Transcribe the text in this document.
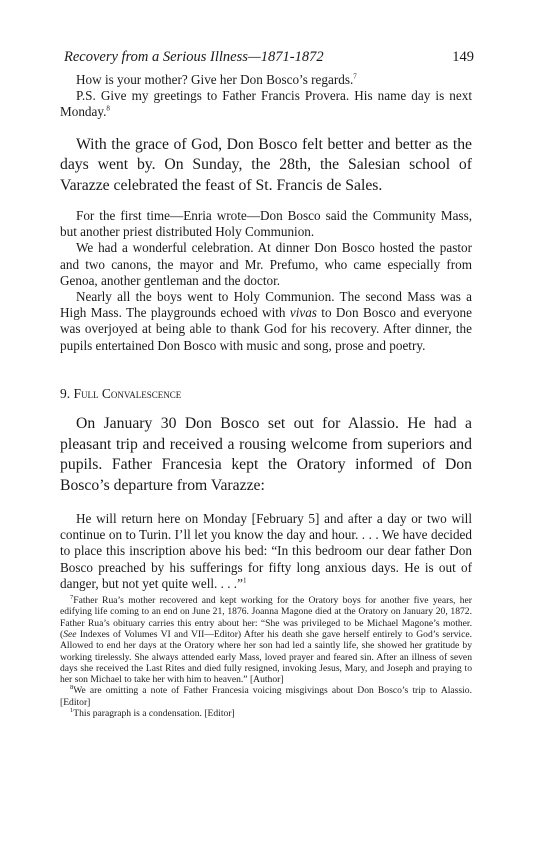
Recovery from a Serious Illness—1871-1872	149

How is your mother? Give her Don Bosco’s regards.$^7$

P.S. Give my greetings to Father Francis Provera. His name day is next Monday.$^8$

With the grace of God, Don Bosco felt better and better as the days went by. On Sunday, the 28th, the Salesian school of Varazze celebrated the feast of St. Francis de Sales.

For the first time—Enria wrote—Don Bosco said the Community Mass, but another priest distributed Holy Communion.

We had a wonderful celebration. At dinner Don Bosco hosted the pastor and two canons, the mayor and Mr. Prefumo, who came especially from Genoa, another gentleman and the doctor.

Nearly all the boys went to Holy Communion. The second Mass was a High Mass. The playgrounds echoed with vivas to Don Bosco and everyone was overjoyed at being able to thank God for his recovery. After dinner, the pupils entertained Don Bosco with music and song, prose and poetry.

9. Full Convalescence

On January 30 Don Bosco set out for Alassio. He had a pleasant trip and received a rousing welcome from superiors and pupils. Father Francesia kept the Oratory informed of Don Bosco’s departure from Varazze:

He will return here on Monday [February 5] and after a day or two will continue on to Turin. I’ll let you know the day and hour. . . . We have decided to place this inscription above his bed: “In this bedroom our dear father Don Bosco preached by his sufferings for fifty long anxious days. He is out of danger, but not yet quite well. . . .”$^1$

$^7$Father Rua’s mother recovered and kept working for the Oratory boys for another five years, her edifying life coming to an end on June 21, 1876. Joanna Magone died at the Oratory on January 20, 1872. Father Rua’s obituary carries this entry about her: “She was privileged to be Michael Magone’s mother. (See Indexes of Volumes VI and VII—Editor) After his death she gave herself entirely to God’s service. Allowed to end her days at the Oratory where her son had led a saintly life, she showed her gratitude by working tirelessly. She always attended early Mass, loved prayer and feared sin. After an illness of seven days she received the Last Rites and died fully resigned, invoking Jesus, Mary, and Joseph and praying to her son Michael to take her with him to heaven.” [Author]

$^8$We are omitting a note of Father Francesia voicing misgivings about Don Bosco’s trip to Alassio. [Editor]

$^1$This paragraph is a condensation. [Editor]
